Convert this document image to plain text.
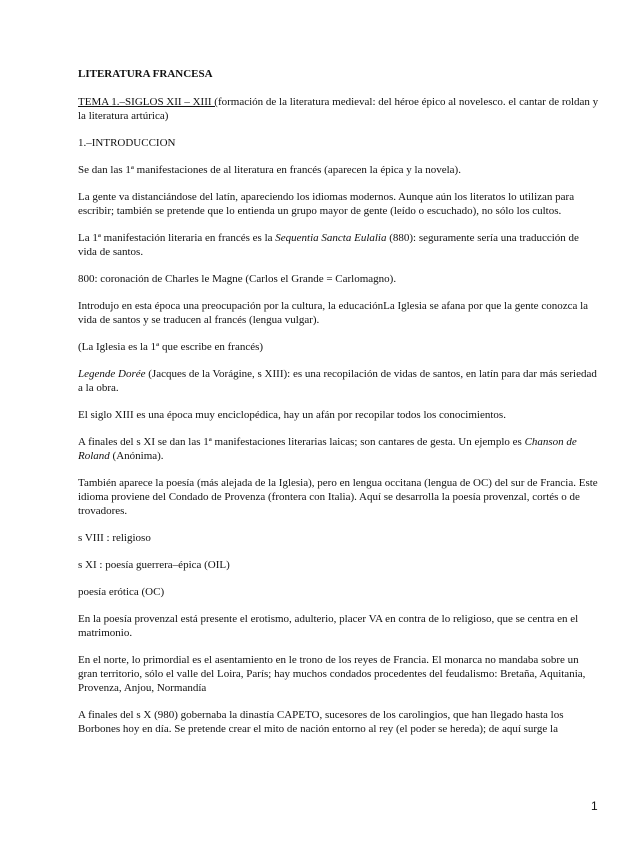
LITERATURA FRANCESA

TEMA 1.–SIGLOS XII – XIII (formación de la literatura medieval: del héroe épico al novelesco. el cantar de roldan y la literatura artúrica)

1.–INTRODUCCION

Se dan las 1ª manifestaciones de al literatura en francés (aparecen la épica y la novela).

La gente va distanciándose del latín, apareciendo los idiomas modernos. Aunque aún los literatos lo utilizan para escribir; también se pretende que lo entienda un grupo mayor de gente (leído o escuchado), no sólo los cultos.

La 1ª manifestación literaria en francés es la Sequentia Sancta Eulalia (880): seguramente sería una traducción de vida de santos.

800: coronación de Charles le Magne (Carlos el Grande = Carlomagno).

Introdujo en esta época una preocupación por la cultura, la educaciónLa Iglesia se afana por que la gente conozca la vida de santos y se traducen al francés (lengua vulgar).

(La Iglesia es la 1ª que escribe en francés)

Legende Dorée (Jacques de la Vorágine, s XIII): es una recopilación de vidas de santos, en latín para dar más seriedad a la obra.

El siglo XIII es una época muy enciclopédica, hay un afán por recopilar todos los conocimientos.

A finales del s XI se dan las 1ª manifestaciones literarias laicas; son cantares de gesta. Un ejemplo es Chanson de Roland (Anónima).

También aparece la poesía (más alejada de la Iglesia), pero en lengua occitana (lengua de OC) del sur de Francia. Este idioma proviene del Condado de Provenza (frontera con Italia). Aquí se desarrolla la poesía provenzal, cortés o de trovadores.

s VIII : religioso

s XI : poesía guerrera–épica (OIL)

poesía erótica (OC)

En la poesía provenzal está presente el erotismo, adulterio, placer VA en contra de lo religioso, que se centra en el matrimonio.

En el norte, lo primordial es el asentamiento en le trono de los reyes de Francia. El monarca no mandaba sobre un gran territorio, sólo el valle del Loira, París; hay muchos condados procedentes del feudalismo: Bretaña, Aquitania, Provenza, Anjou, Normandía

A finales del s X (980) gobernaba la dinastía CAPETO, sucesores de los carolingios, que han llegado hasta los Borbones hoy en día. Se pretende crear el mito de nación entorno al rey (el poder se hereda); de aquí surge la

1
